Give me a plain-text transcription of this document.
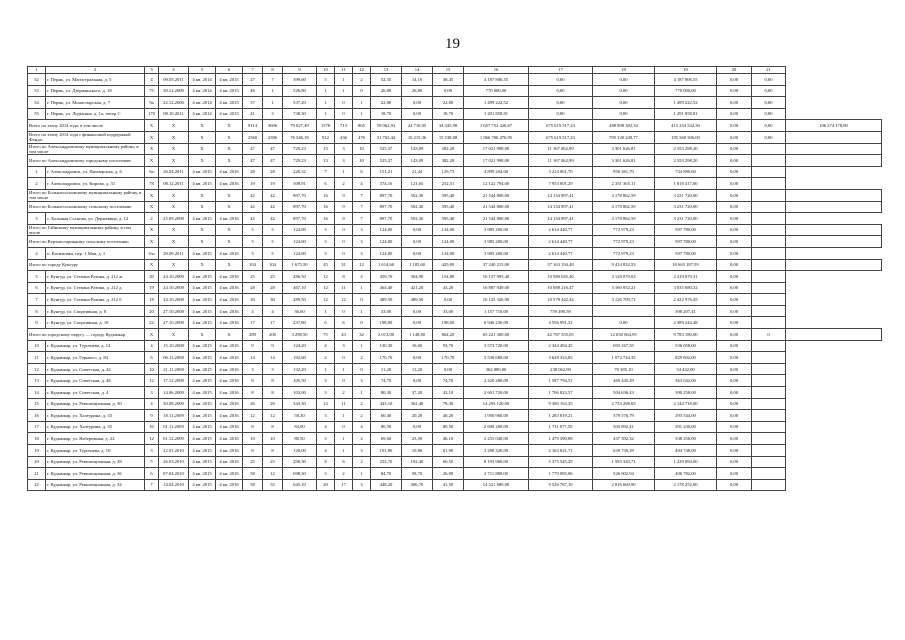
19
1	2	3	4	5	6	7	8	9	10	11	12	13	14	15	16	17	18	19	20	21	
52	г. Пермь, ул. Магистральная, д. 5	4	09.05.2011	4 кв. 2014	4 кв. 2015	27	7	399,60	5	1	2	52,35	14,10	38,45	4 187 806,55	0,00	0,00	4 187 806,55	0,00	0,00	
53	г. Пермь, ул. Дзержинского, д. 18	75	30.12.2009	4 кв. 2014	4 кв. 2015	46	1	526,80	1	1	0	26,80	26,80	0,00	770 000,00	0,00	0,00	770 000,00	0,00	0,00	
54	г. Пермь, ул. Монастырская, д. 7	9а	22.12.2006	4 кв. 2014	4 кв. 2015	37	1	537,20	1	0	1	22,80	0,00	22,80	1 499 222,52	0,00	0,00	1 499 222,52	0,00	0,00	
55	г. Пермь, ул. Лодыгина, д. 1а, литер С	170	08.10.2011	4 кв. 2014	4 кв. 2015	41	3	738,30	1	0	1	18,70	0,00	18,70	1 291 858,81	0,00	0,00	1 291 858,81	0,00	0,00	
Всего по этапу 2014 года, в том числе		X	X	X	X	9114	3606	79 027,49	1578	713	865	59 062,93	24 716,95	34 345,98	1 657 752 420,67	675 619 517,23	488 808 382,34	415 254 542,30	0,00	0,00	106 274 178,80
Всего по этапу 2014 года с финансовой поддержкой Фонда		X	X	X	X	2560	2396	76 346,18	912	436	476	31 763,44	16 215,36	15 538,08	1 966 706 476,95	675 619 517,23	795 120 249,77	195 560 306,00	0,00	0,00	
Итого по Александровскому муниципальному району, в том числе		X	X	X	X	47	47	729,23	13	3	10	525,37	143,09	382,28	17 021 998,00	11 167 062,99	3 301 626,81	2 553 298,20	0,00		
Итого по Александровскому городскому поселению		X	X	X	X	47	47	729,23	13	3	10	525,37	143,09	382,28	17 021 998,00	11 167 062,99	3 301 626,81	2 553 298,20	0,00		
1	г. Александровск, ул. Пионерская, д. 6	6а	26.04.2011	4 кв. 2015	4 кв. 2016	28	28	220,32	7	1	6	151,21	21,44	129,73	4 899 204,00	3 214 061,70	950 261,70	734 880,60	0,00		
2	г. Александровск, ул. Кирова, д. 31	78	08.12.2011	4 кв. 2015	4 кв. 2016	19	19	508,91	6	2	4	374,16	121,65	252,51	12 122 794,00	7 953 001,29	2 351 365,11	1 818 417,60	0,00		
Итого по Большесосновскому муниципальному району, в том числе		X	X	X	X	42	42	897,70	16	9	7	897,70	502,30	395,40	21 544 800,00	14 134 897,41	4 178 862,59	3 231 720,00	0,00		
Итого по Большесосновскому сельскому поселению		X	X	X	X	42	42	897,70	16	9	7	897,70	502,30	395,40	21 544 800,00	14 134 897,41	4 178 862,59	3 231 720,00	0,00		
3	с. Большая Соснова, ул. Державина, д. 12	2	25.09.2008	4 кв. 2015	4 кв. 2016	42	42	897,70	16	9	7	897,70	502,30	395,40	21 544 800,00	14 134 897,41	4 178 862,59	3 231 720,00	0,00		
Итого по Гайнскому муниципальному району, в том числе		X	X	X	X	5	5	124,00	3	0	3	124,00	0,00	124,00	3 985 200,00	2 614 440,77	772 979,23	597 780,00	0,00		
Итого по Верхнестарицкому сельскому поселению		X	X	X	X	5	5	124,00	3	0	3	124,00	0,00	124,00	3 985 200,00	2 614 440,77	772 979,23	597 780,00	0,00		
4	п. Касимовка, пер. 1 Мая, д. 1	б/н	29.09.2011	4 кв. 2015	4 кв. 2016	5	5	124,00	3	0	3	124,00	0,00	124,00	3 985 200,00	2 614 440,77	772 979,23	597 780,00	0,00		
Итого по городу Кунгуру		X	X	X	X	104	104	1 675,50	45	31	12	1 614,60	1 185,60	429,00	37 240 215,00	37 163 194,48	9 414 832,53	10 665 187,93	0,00		
5	г. Кунгур, ул. Степана Разина, д. 212 ж	20	24.10.2009	4 кв. 2015	4 кв. 2016	25	25	486,50	12	8	4	459,70	304,90	154,80	16 127 995,40	10 580 045,46	3 128 070,63	2 419 079,31	0,00		
6	г. Кунгур, ул. Степана Разина, д. 212 д	19	24.10.2008	4 кв. 2015	4 кв. 2016	28	28	467,10	12	11	1	464,40	421,20	43,20	16 887 949,00	10 688 216,47	3 160 052,21	3 035 680,32	0,00		
7	г. Кунгур, ул. Степана Разина, д. 212 б	18	24.10.2008	4 кв. 2015	4 кв. 2016	30	30	489,50	12	12	0	489,50	489,50	0,00	16 125 326,90	10 578 442,44	3 126 709,71	2 422 976,45	0,00		
8	г. Кунгур, ул. Спортивная, д. 8	20	27.10.2008	4 кв. 2015	4 кв. 2016	4	4	36,60	1	0	1	33,00	0,00	33,00	1 157 716,00	759 490,59		398 207,41	0,00		
9	г. Кунгур, ул. Спортивная, д. 10	22	27.10.2008	4 кв. 2015	4 кв. 2016	17	17	237,80	6	6	0	198,00	0,00	198,00	6 946 236,00	4 556 991,52	0,00	2 389 244,48	0,00		
Итого по городскому округу — городу Кудымкар		X	X	X	X	289	200	3 298,50	75	43	32	2 013,00	1 148,80	864,20	65 221 300,00	42 787 555,05	12 650 064,95	9 783 180,00	0,00	0	
10	г. Кудымкар, ул. Тургенева, д. 14	4	15.10.2008	4 кв. 2015	4 кв. 2016	9	9	124,20	4	3	1	130,30	16,60	93,70	3 573 720,00	2 344 494,45	693 167,35	536 058,00	0,00		
11	г. Кудымкар, ул. Горького, д. 84	6	06.11.2008	4 кв. 2015	4 кв. 2016	14	14	192,60	2	0	2	170,70	0,00	170,70	5 530 680,00	3 628 333,85	1 072 744,35	829 602,00	0,00		
12	г. Кудымкар, ул. Советская, д. 42	10	21.11.2008	4 кв. 2015	4 кв. 2016	3	3	132,20	1	1	0	11,20	11,20	0,00	362 880,00	238 062,90	70 385,10	54 432,00	0,00		
13	г. Кудымкар, ул. Советская, д. 48	12	17.12.2008	4 кв. 2015	4 кв. 2016	8	8	105,50	3	0	3	74,70	0,00	74,70	2 420 280,00	1 587 794,51	469 445,49	363 042,00	0,00		
14	г. Кудымкар, ул. Советская, д. 4	3	14.06.2009	4 кв. 2015	4 кв. 2016	8	8	103,00	3	2	1	80,30	37,20	43,10	2 601 720,00	1 706 823,57	504 636,43	390 258,00	0,00		
15	г. Кудымкар, ул. Революционная, д. 30	4	30.08.2009	4 кв. 2015	4 кв. 2016	26	26	343,30	13	11	2	443,10	362,40	78,30	14 293 120,00	9 380 163,35	2 733 298,65	2 144 718,00	0,00		
16	г. Кудымкар, ул. Халтурина, д. 33	9	18.11.2009	4 кв. 2015	4 кв. 2016	12	12	50,30	3	1	2	60,40	20,20	40,20	1 956 960,00	1 283 819,21	379 576,79	293 544,00	0,00		
17	г. Кудымкар, ул. Халтурина, д. 35	10	01.11.2009	4 кв. 2015	4 кв. 2016	8	8	84,00	4	0	4	80,50	0,00	80,50	2 608 200,00	1 711 077,59	505 892,41	391 230,00	0,00		
18	г. Кудымкар, ул. Набережная, д. 22	12	01.12.2009	4 кв. 2015	4 кв. 2016	10	10	80,50	3	1	2	69,60	23,50	46,10	2 255 040,00	1 479 390,88	437 392,32	338 256,00	0,00		
19	г. Кудымкар, ул. Тургенева, д. 10	3	22.01.2010	4 кв. 2015	4 кв. 2016	8	8	120,00	4	1	3	101,80	19,80	81,90	3 298 320,00	2 163 821,71	639 739,29	494 748,00	0,00		
20	г. Кудымкар, ул. Революционная, д. 38	5	26.03.2010	4 кв. 2015	4 кв. 2016	25	25	290,30	8	6	2	252,70	192,40	60,50	8 193 960,00	5 375 545,29	1 593 320,71	1 229 094,00	0,00		
21	г. Кудымкар, ул. Революционная, д. 36	6	07.04.2010	4 кв. 2015	4 кв. 2016	58	12	698,30	3	2	1	84,70	58,70	26,00	2 711 880,00	1 779 095,06	526 002,94	406 782,00	0,00		
22	г. Кудымкар, ул. Революционная, д. 34	7	14.04.2010	4 кв. 2015	4 кв. 2016	58	55	645,10	20	17	3	448,20	406,70	41,50	14 521 680,00	9 526 767,10	2 816 660,90	2 178 252,00	0,00		
